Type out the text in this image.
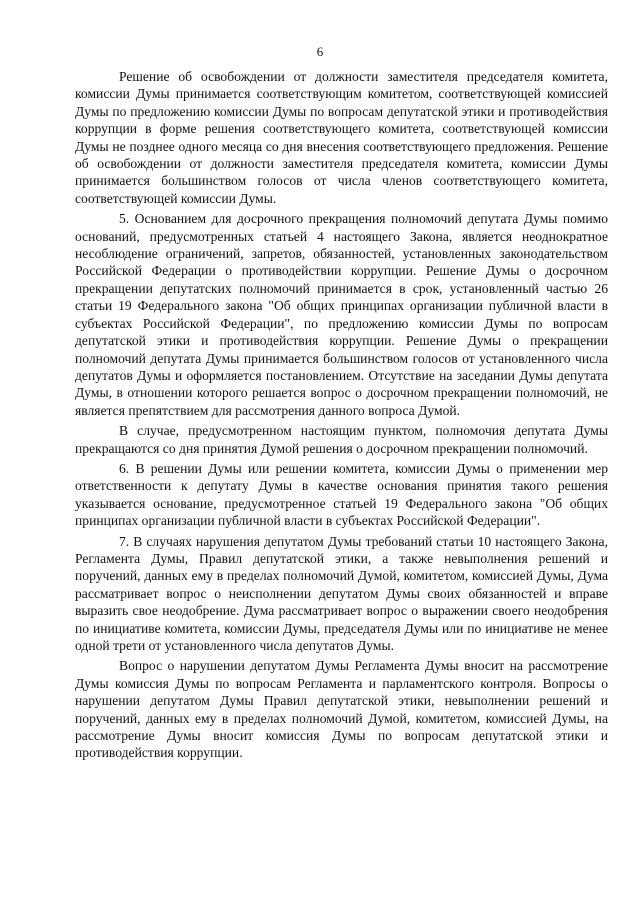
6

Решение об освобождении от должности заместителя председателя комитета, комиссии Думы принимается соответствующим комитетом, соответствующей комиссией Думы по предложению комиссии Думы по вопросам депутатской этики и противодействия коррупции в форме решения соответствующего комитета, соответствующей комиссии Думы не позднее одного месяца со дня внесения соответствующего предложения. Решение об освобождении от должности заместителя председателя комитета, комиссии Думы принимается большинством голосов от числа членов соответствующего комитета, соответствующей комиссии Думы.

5. Основанием для досрочного прекращения полномочий депутата Думы помимо оснований, предусмотренных статьей 4 настоящего Закона, является неоднократное несоблюдение ограничений, запретов, обязанностей, установленных законодательством Российской Федерации о противодействии коррупции. Решение Думы о досрочном прекращении депутатских полномочий принимается в срок, установленный частью 26 статьи 19 Федерального закона "Об общих принципах организации публичной власти в субъектах Российской Федерации", по предложению комиссии Думы по вопросам депутатской этики и противодействия коррупции. Решение Думы о прекращении полномочий депутата Думы принимается большинством голосов от установленного числа депутатов Думы и оформляется постановлением. Отсутствие на заседании Думы депутата Думы, в отношении которого решается вопрос о досрочном прекращении полномочий, не является препятствием для рассмотрения данного вопроса Думой.

В случае, предусмотренном настоящим пунктом, полномочия депутата Думы прекращаются со дня принятия Думой решения о досрочном прекращении полномочий.

6. В решении Думы или решении комитета, комиссии Думы о применении мер ответственности к депутату Думы в качестве основания принятия такого решения указывается основание, предусмотренное статьей 19 Федерального закона "Об общих принципах организации публичной власти в субъектах Российской Федерации".

7. В случаях нарушения депутатом Думы требований статьи 10 настоящего Закона, Регламента Думы, Правил депутатской этики, а также невыполнения решений и поручений, данных ему в пределах полномочий Думой, комитетом, комиссией Думы, Дума рассматривает вопрос о неисполнении депутатом Думы своих обязанностей и вправе выразить свое неодобрение. Дума рассматривает вопрос о выражении своего неодобрения по инициативе комитета, комиссии Думы, председателя Думы или по инициативе не менее одной трети от установленного числа депутатов Думы.

Вопрос о нарушении депутатом Думы Регламента Думы вносит на рассмотрение Думы комиссия Думы по вопросам Регламента и парламентского контроля. Вопросы о нарушении депутатом Думы Правил депутатской этики, невыполнении решений и поручений, данных ему в пределах полномочий Думой, комитетом, комиссией Думы, на рассмотрение Думы вносит комиссия Думы по вопросам депутатской этики и противодействия коррупции.
